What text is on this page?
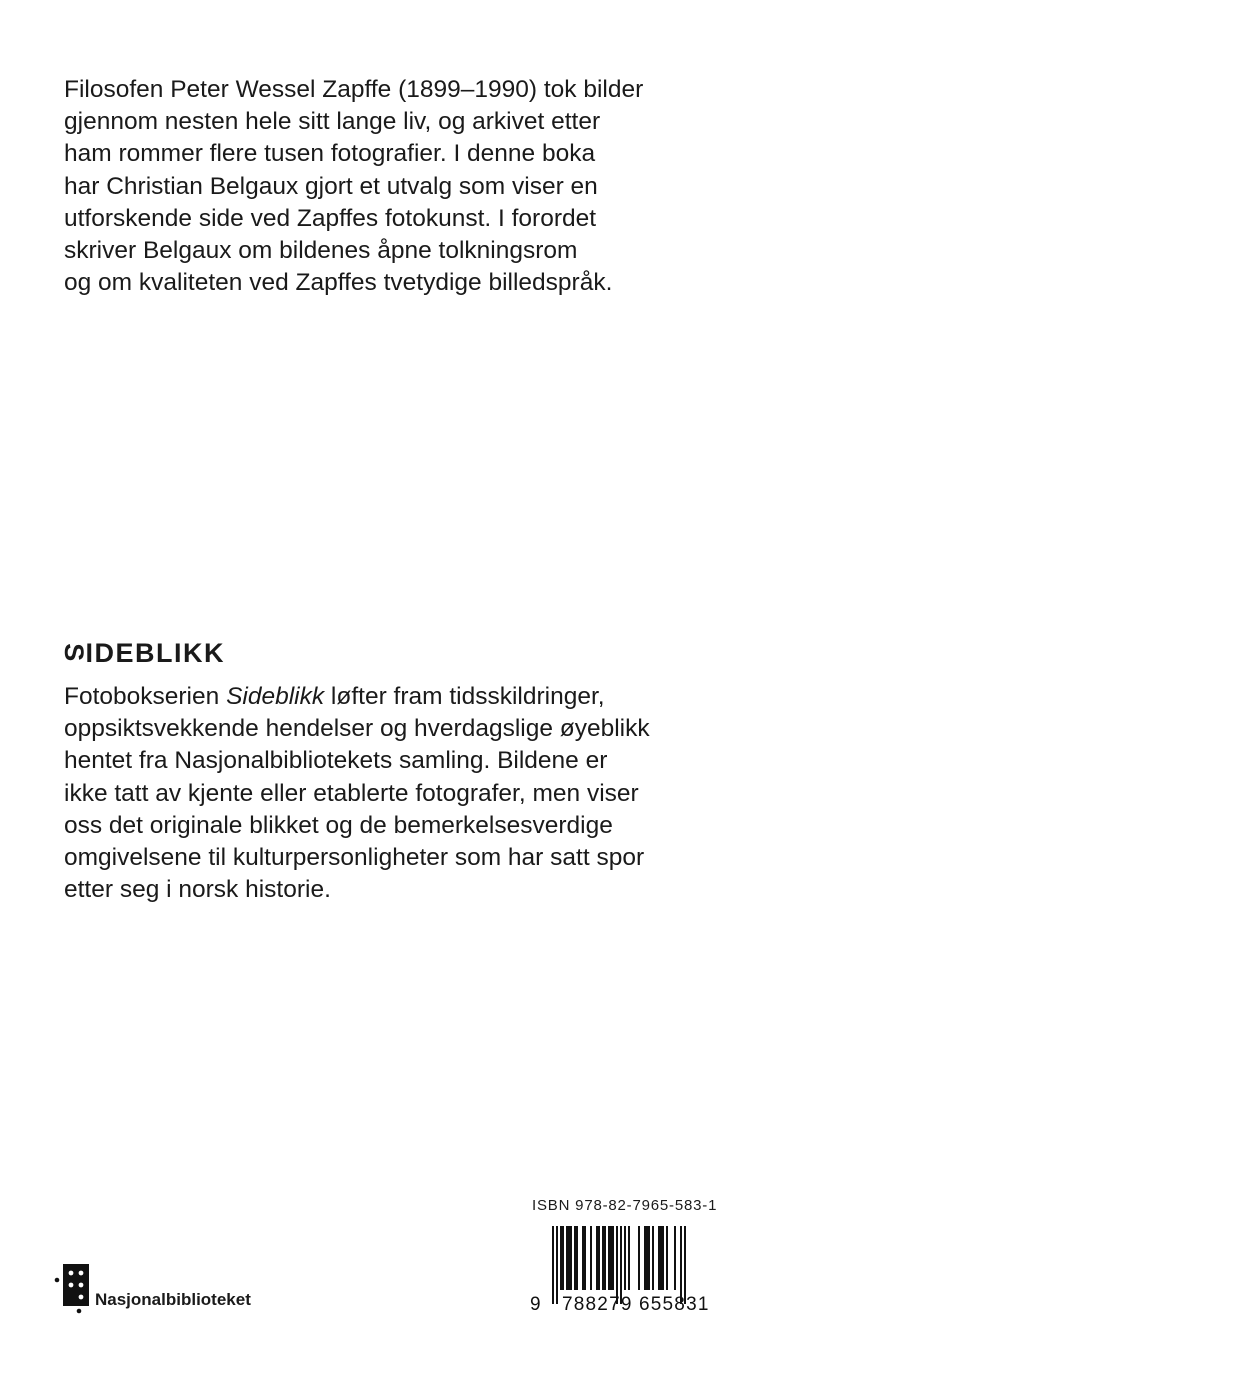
Filosofen Peter Wessel Zapffe (1899–1990) tok bilder
gjennom nesten hele sitt lange liv, og arkivet etter
ham rommer flere tusen fotografier. I denne boka
har Christian Belgaux gjort et utvalg som viser en
utforskende side ved Zapffes fotokunst. I forordet
skriver Belgaux om bildenes åpne tolkningsrom
og om kvaliteten ved Zapffes tvetydige billedspråk.
SIDEBLIKK
Fotobokserien Sideblikk løfter fram tidsskildringer,
oppsiktsvekkende hendelser og hverdagslige øyeblikk
hentet fra Nasjonalbibliotekets samling. Bildene er
ikke tatt av kjente eller etablerte fotografer, men viser
oss det originale blikket og de bemerkelsesverdige
omgivelsene til kulturpersonligheter som har satt spor
etter seg i norsk historie.
ISBN 978-82-7965-583-1
9 788279 655831
Nasjonalbiblioteket
